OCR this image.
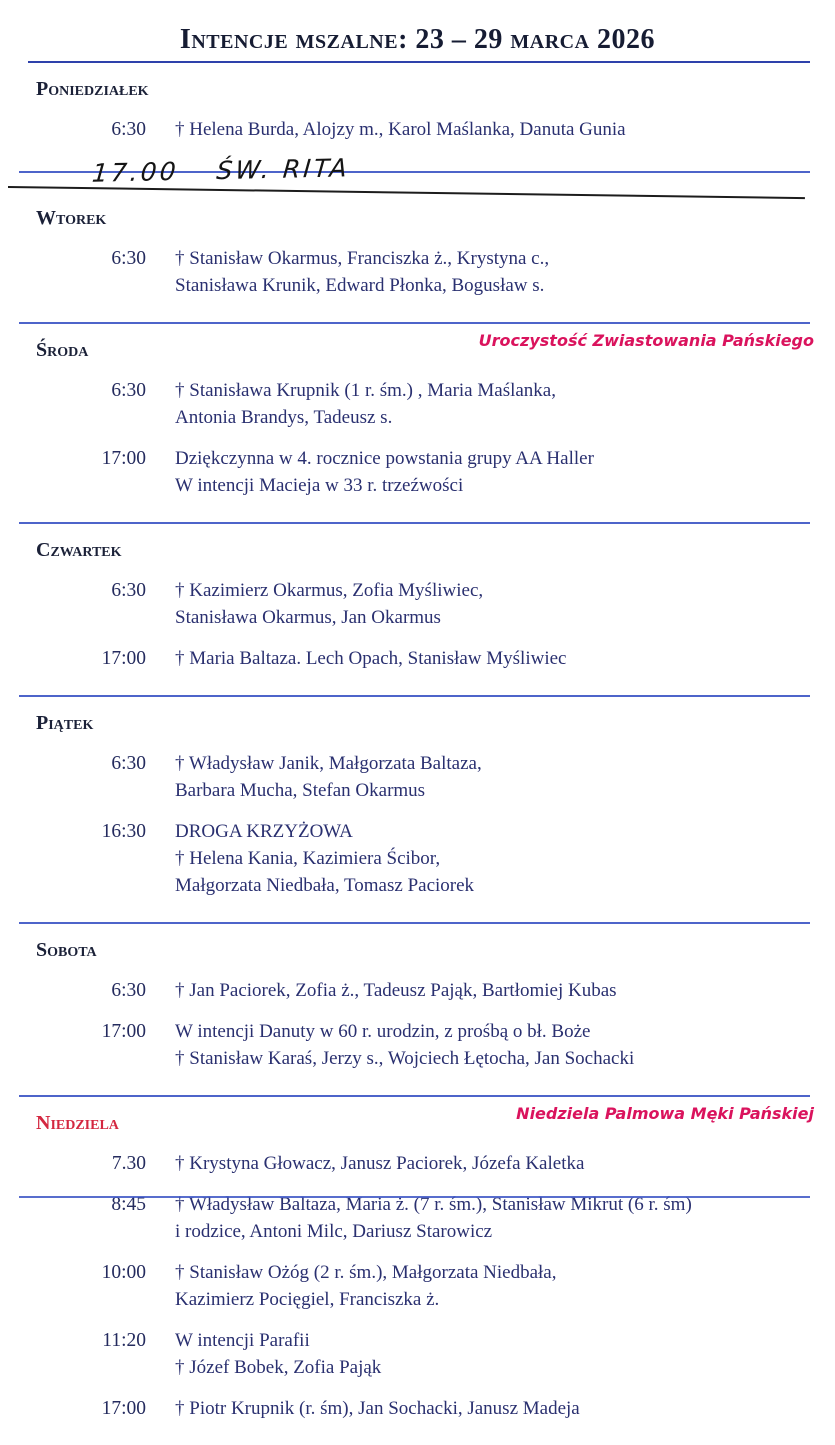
Intencje mszalne: 23 – 29 marca 2026
Poniedziałek
6:30 † Helena Burda, Alojzy m., Karol Maślanka, Danuta Gunia
17.00 ŚW. RITA
Wtorek
6:30 † Stanisław Okarmus, Franciszka ż., Krystyna c.,
Stanisława Krunik, Edward Płonka, Bogusław s.
Uroczystość Zwiastowania Pańskiego
Środa
6:30 † Stanisława Krupnik (1 r. śm.) , Maria Maślanka,
Antonia Brandys, Tadeusz s.
17:00 Dziękczynna w 4. rocznice powstania grupy AA Haller
W intencji Macieja w 33 r. trzeźwości
Czwartek
6:30 † Kazimierz Okarmus, Zofia Myśliwiec,
Stanisława Okarmus, Jan Okarmus
17:00 † Maria Baltaza. Lech Opach, Stanisław Myśliwiec
Piątek
6:30 † Władysław Janik, Małgorzata Baltaza,
Barbara Mucha, Stefan Okarmus
16:30 DROGA KRZYŻOWA
† Helena Kania, Kazimiera Ścibor,
Małgorzata Niedbała, Tomasz Paciorek
Sobota
6:30 † Jan Paciorek, Zofia ż., Tadeusz Pająk, Bartłomiej Kubas
17:00 W intencji Danuty w 60 r. urodzin, z prośbą o bł. Boże
† Stanisław Karaś, Jerzy s., Wojciech Łętocha, Jan Sochacki
Niedziela Palmowa Męki Pańskiej
Niedziela
7.30 † Krystyna Głowacz, Janusz Paciorek, Józefa Kaletka
8:45 † Władysław Baltaza, Maria ż. (7 r. śm.), Stanisław Mikrut (6 r. śm)
i rodzice, Antoni Milc, Dariusz Starowicz
10:00 † Stanisław Ożóg (2 r. śm.), Małgorzata Niedbała,
Kazimierz Pocięgiel, Franciszka ż.
11:20 W intencji Parafii
† Józef Bobek, Zofia Pająk
17:00 † Piotr Krupnik (r. śm), Jan Sochacki, Janusz Madeja
